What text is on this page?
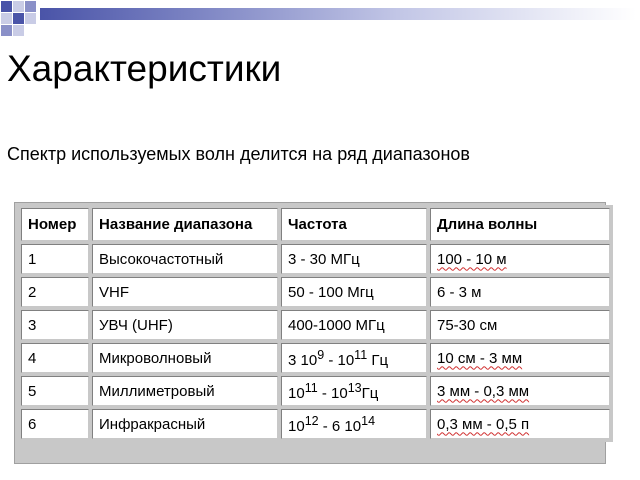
Характеристики
Спектр используемых волн делится на ряд диапазонов
Номер	Название диапазона	Частота	Длина волны
1	Высокочастотный	3 - 30 МГц	100 - 10 м
2	VHF	50 - 100 Мгц	6 - 3 м
3	УВЧ (UHF)	400-1000 МГц	75-30 см
4	Микроволновый	3 $10^9 - 10^{11}$ Гц	10 см - 3 мм
5	Миллиметровый	$10^{11} - 10^{13}Гц$	3 мм - 0,3 мм
6	Инфракрасный	$10^{12} - 6$ $10^{14}$	0,3 мм - 0,5 п
